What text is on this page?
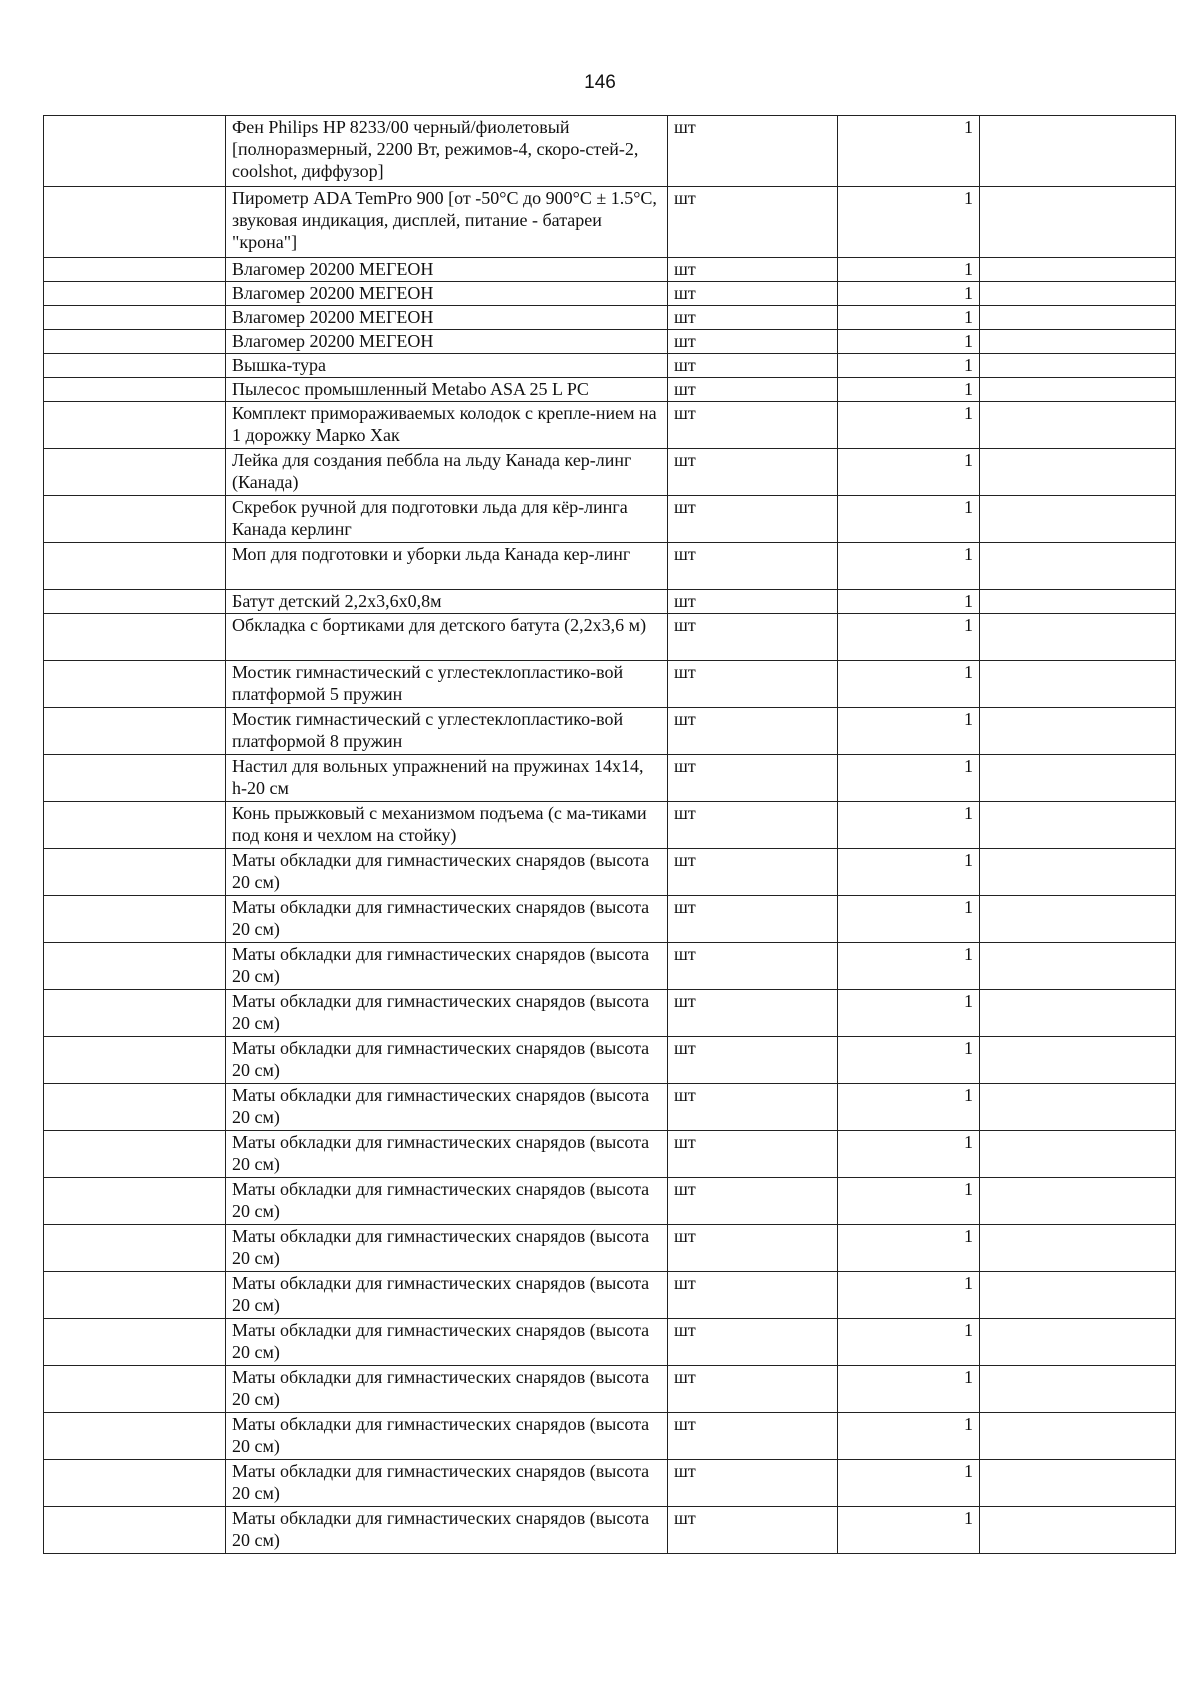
146
	Фен Philips HP 8233/00 черный/фиолетовый [полноразмерный, 2200 Вт, режимов-4, скоро-стей-2, coolshot, диффузор]	шт	1	
	Пирометр ADA TemPro 900 [от -50°С до 900°С ± 1.5°С, звуковая индикация, дисплей, питание - батареи "крона"]	шт	1	
	Влагомер 20200 МЕГЕОН	шт	1	
	Влагомер 20200 МЕГЕОН	шт	1	
	Влагомер 20200 МЕГЕОН	шт	1	
	Влагомер 20200 МЕГЕОН	шт	1	
	Вышка-тура	шт	1	
	Пылесос промышленный Metabo ASA 25 L PC	шт	1	
	Комплект примораживаемых колодок с крепле-нием на 1 дорожку Марко Хак	шт	1	
	Лейка для создания пеббла на льду Канада кер-линг (Канада)	шт	1	
	Скребок ручной для подготовки льда для кёр-линга Канада керлинг	шт	1	
	Моп для подготовки и уборки льда Канада кер-линг	шт	1	
	Батут детский 2,2х3,6х0,8м	шт	1	
	Обкладка с бортиками для детского батута (2,2х3,6 м)	шт	1	
	Мостик гимнастический с углестеклопластико-вой платформой 5 пружин	шт	1	
	Мостик гимнастический с углестеклопластико-вой платформой 8 пружин	шт	1	
	Настил для вольных упражнений на пружинах 14х14, h-20 см	шт	1	
	Конь прыжковый с механизмом подъема (с ма-тиками под коня и чехлом на стойку)	шт	1	
	Маты обкладки для гимнастических снарядов (высота 20 см)	шт	1	
	Маты обкладки для гимнастических снарядов (высота 20 см)	шт	1	
	Маты обкладки для гимнастических снарядов (высота 20 см)	шт	1	
	Маты обкладки для гимнастических снарядов (высота 20 см)	шт	1	
	Маты обкладки для гимнастических снарядов (высота 20 см)	шт	1	
	Маты обкладки для гимнастических снарядов (высота 20 см)	шт	1	
	Маты обкладки для гимнастических снарядов (высота 20 см)	шт	1	
	Маты обкладки для гимнастических снарядов (высота 20 см)	шт	1	
	Маты обкладки для гимнастических снарядов (высота 20 см)	шт	1	
	Маты обкладки для гимнастических снарядов (высота 20 см)	шт	1	
	Маты обкладки для гимнастических снарядов (высота 20 см)	шт	1	
	Маты обкладки для гимнастических снарядов (высота 20 см)	шт	1	
	Маты обкладки для гимнастических снарядов (высота 20 см)	шт	1	
	Маты обкладки для гимнастических снарядов (высота 20 см)	шт	1	
	Маты обкладки для гимнастических снарядов (высота 20 см)	шт	1	
